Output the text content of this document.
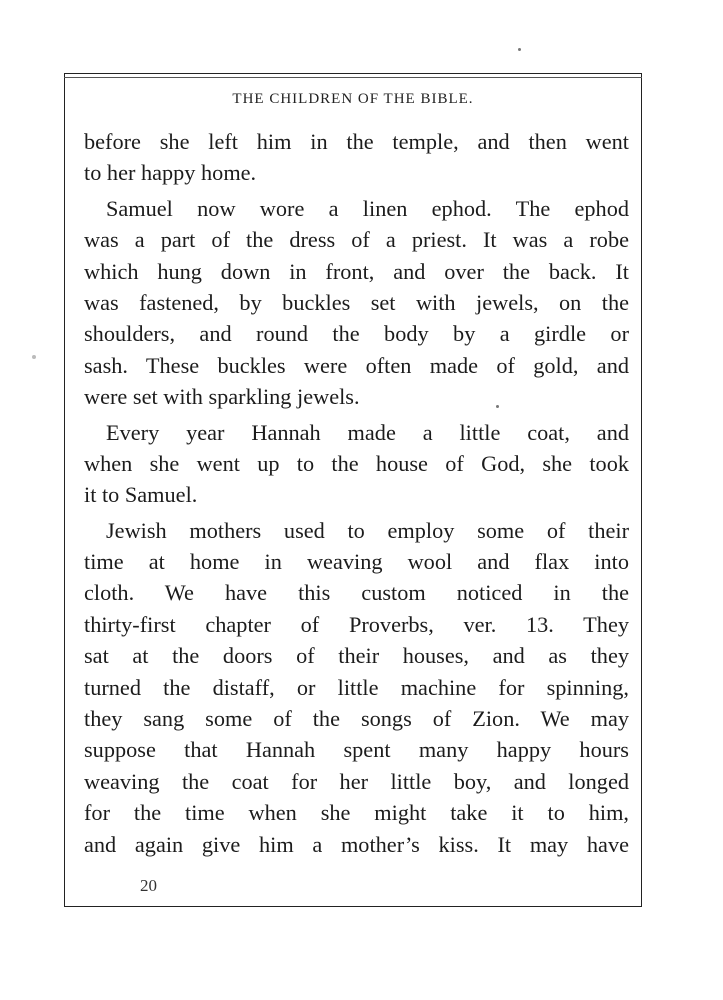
THE CHILDREN OF THE BIBLE.
before she left him in the temple, and then went
to her happy home.
Samuel now wore a linen ephod. The ephod
was a part of the dress of a priest. It was a robe
which hung down in front, and over the back. It
was fastened, by buckles set with jewels, on the
shoulders, and round the body by a girdle or
sash. These buckles were often made of gold, and
were set with sparkling jewels.
Every year Hannah made a little coat, and
when she went up to the house of God, she took
it to Samuel.
Jewish mothers used to employ some of their
time at home in weaving wool and flax into
cloth. We have this custom noticed in the
thirty-first chapter of Proverbs, ver. 13. They
sat at the doors of their houses, and as they
turned the distaff, or little machine for spinning,
they sang some of the songs of Zion. We may
suppose that Hannah spent many happy hours
weaving the coat for her little boy, and longed
for the time when she might take it to him,
and again give him a mother’s kiss. It may have
20
